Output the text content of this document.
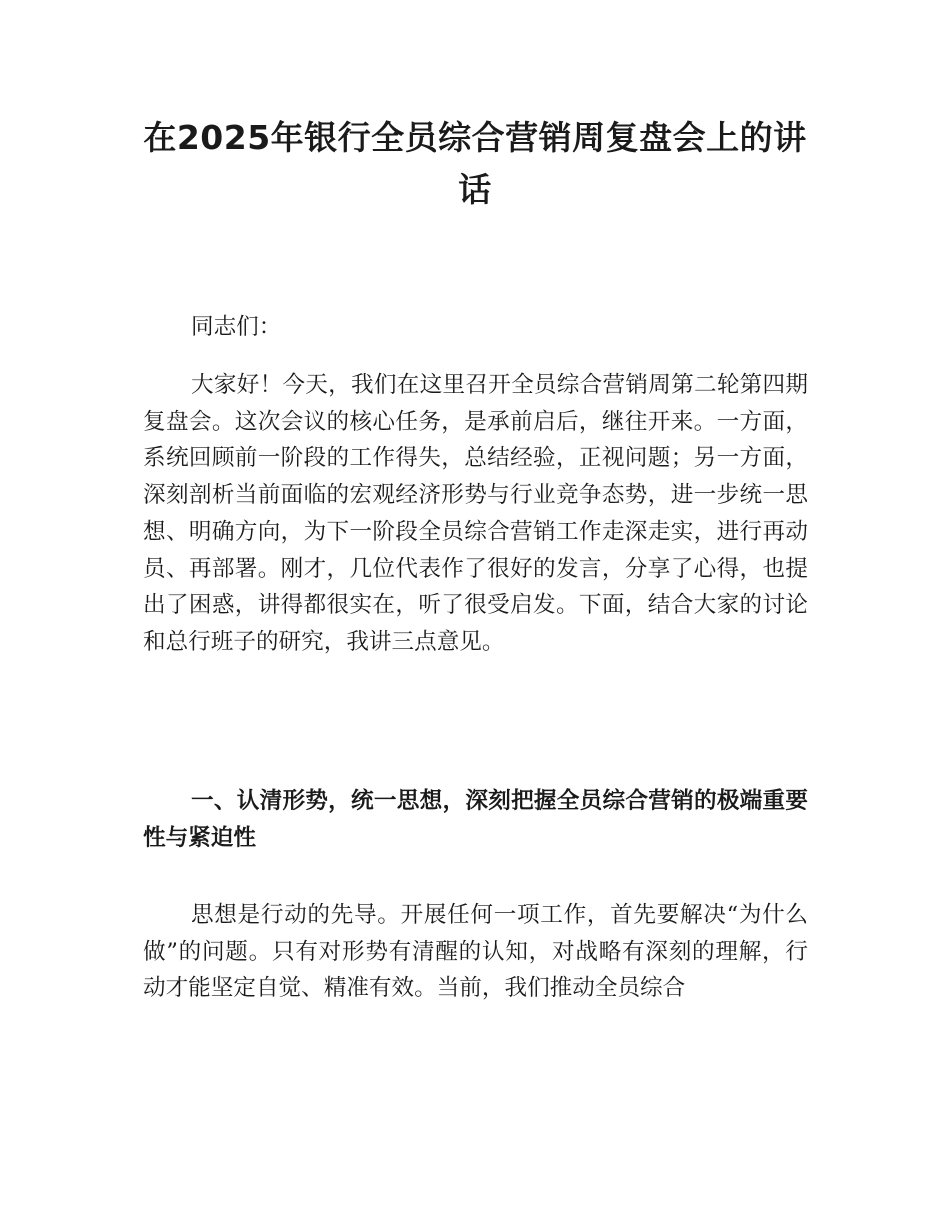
在2025年银行全员综合营销周复盘会上的讲话

同志们：

大家好！今天，我们在这里召开全员综合营销周第二轮第四期复盘会。这次会议的核心任务，是承前启后，继往开来。一方面，系统回顾前一阶段的工作得失，总结经验，正视问题；另一方面，深刻剖析当前面临的宏观经济形势与行业竞争态势，进一步统一思想、明确方向，为下一阶段全员综合营销工作走深走实，进行再动员、再部署。刚才，几位代表作了很好的发言，分享了心得，也提出了困惑，讲得都很实在，听了很受启发。下面，结合大家的讨论和总行班子的研究，我讲三点意见。

一、认清形势，统一思想，深刻把握全员综合营销的极端重要性与紧迫性

思想是行动的先导。开展任何一项工作，首先要解决“为什么做”的问题。只有对形势有清醒的认知，对战略有深刻的理解，行动才能坚定自觉、精准有效。当前，我们推动全员综合
